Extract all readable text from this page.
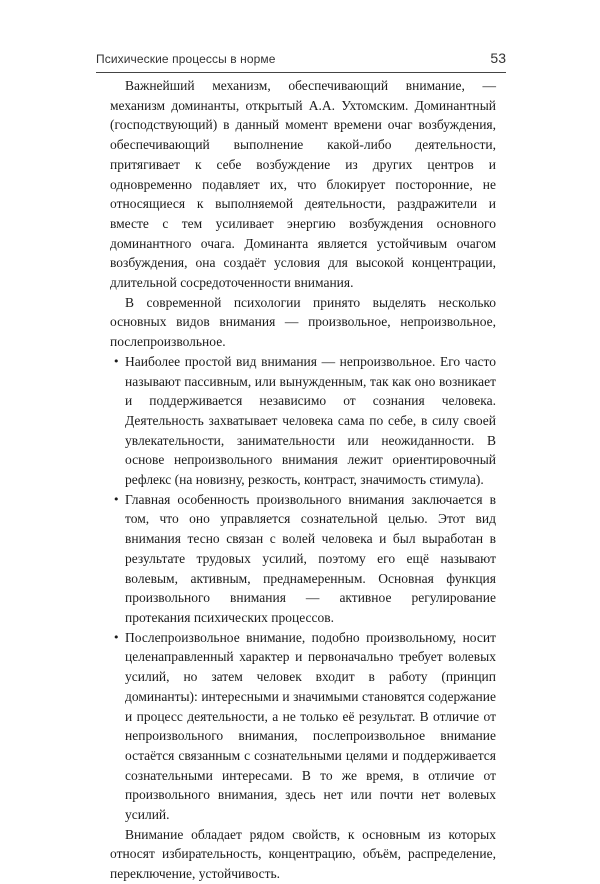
Психические процессы в норме	53

Важнейший механизм, обеспечивающий внимание, — механизм доминанты, открытый А.А. Ухтомским. Доминантный (господствующий) в данный момент времени очаг возбуждения, обеспечивающий выполнение какой-либо деятельности, притягивает к себе возбуждение из других центров и одновременно подавляет их, что блокирует посторонние, не относящиеся к выполняемой деятельности, раздражители и вместе с тем усиливает энергию возбуждения основного доминантного очага. Доминанта является устойчивым очагом возбуждения, она создаёт условия для высокой концентрации, длительной сосредоточенности внимания.

В современной психологии принято выделять несколько основных видов внимания — произвольное, непроизвольное, послепроизвольное.

• Наиболее простой вид внимания — непроизвольное. Его часто называют пассивным, или вынужденным, так как оно возникает и поддерживается независимо от сознания человека. Деятельность захватывает человека сама по себе, в силу своей увлекательности, занимательности или неожиданности. В основе непроизвольного внимания лежит ориентировочный рефлекс (на новизну, резкость, контраст, значимость стимула).
• Главная особенность произвольного внимания заключается в том, что оно управляется сознательной целью. Этот вид внимания тесно связан с волей человека и был выработан в результате трудовых усилий, поэтому его ещё называют волевым, активным, преднамеренным. Основная функция произвольного внимания — активное регулирование протекания психических процессов.
• Послепроизвольное внимание, подобно произвольному, носит целенаправленный характер и первоначально требует волевых усилий, но затем человек входит в работу (принцип доминанты): интересными и значимыми становятся содержание и процесс деятельности, а не только её результат. В отличие от непроизвольного внимания, послепроизвольное внимание остаётся связанным с сознательными целями и поддерживается сознательными интересами. В то же время, в отличие от произвольного внимания, здесь нет или почти нет волевых усилий.

Внимание обладает рядом свойств, к основным из которых относят избирательность, концентрацию, объём, распределение, переключение, устойчивость.
